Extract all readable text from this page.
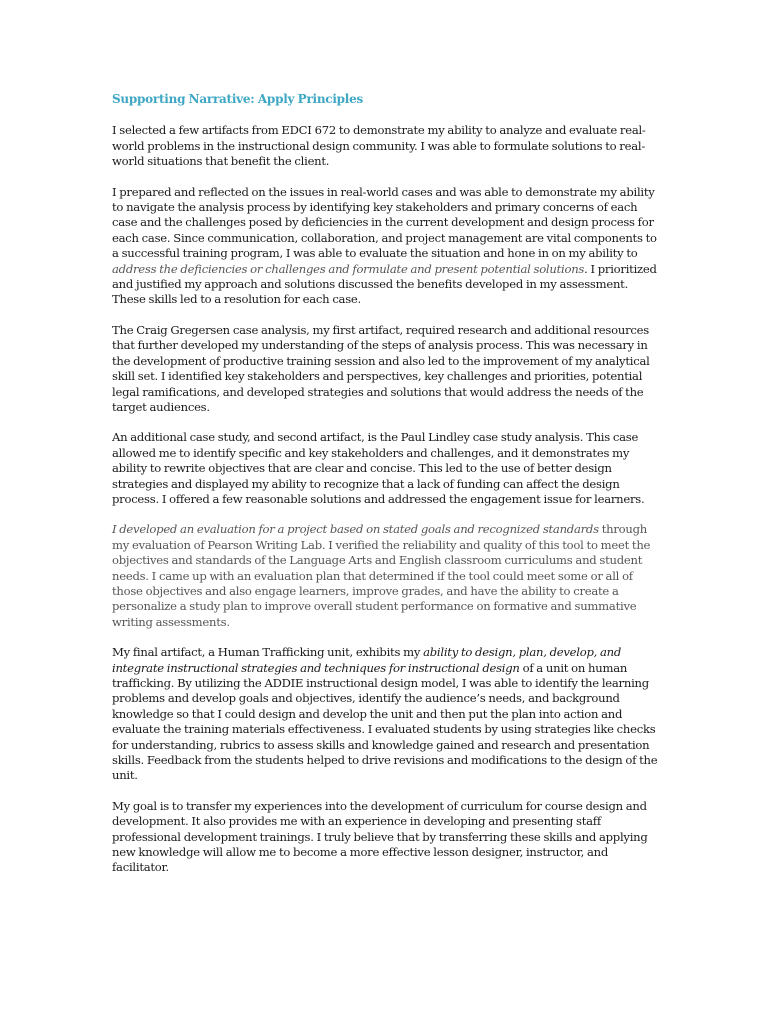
Supporting Narrative: Apply Principles

I selected a few artifacts from EDCI 672 to demonstrate my ability to analyze and evaluate real-world problems in the instructional design community. I was able to formulate solutions to real-world situations that benefit the client.

I prepared and reflected on the issues in real-world cases and was able to demonstrate my ability to navigate the analysis process by identifying key stakeholders and primary concerns of each case and the challenges posed by deficiencies in the current development and design process for each case. Since communication, collaboration, and project management are vital components to a successful training program, I was able to evaluate the situation and hone in on my ability to address the deficiencies or challenges and formulate and present potential solutions. I prioritized and justified my approach and solutions discussed the benefits developed in my assessment. These skills led to a resolution for each case.

The Craig Gregersen case analysis, my first artifact, required research and additional resources that further developed my understanding of the steps of analysis process. This was necessary in the development of productive training session and also led to the improvement of my analytical skill set. I identified key stakeholders and perspectives, key challenges and priorities, potential legal ramifications, and developed strategies and solutions that would address the needs of the target audiences.

An additional case study, and second artifact, is the Paul Lindley case study analysis. This case allowed me to identify specific and key stakeholders and challenges, and it demonstrates my ability to rewrite objectives that are clear and concise. This led to the use of better design strategies and displayed my ability to recognize that a lack of funding can affect the design process. I offered a few reasonable solutions and addressed the engagement issue for learners.

I developed an evaluation for a project based on stated goals and recognized standards through my evaluation of Pearson Writing Lab. I verified the reliability and quality of this tool to meet the objectives and standards of the Language Arts and English classroom curriculums and student needs. I came up with an evaluation plan that determined if the tool could meet some or all of those objectives and also engage learners, improve grades, and have the ability to create a personalize a study plan to improve overall student performance on formative and summative writing assessments.

My final artifact, a Human Trafficking unit, exhibits my ability to design, plan, develop, and integrate instructional strategies and techniques for instructional design of a unit on human trafficking. By utilizing the ADDIE instructional design model, I was able to identify the learning problems and develop goals and objectives, identify the audience’s needs, and background knowledge so that I could design and develop the unit and then put the plan into action and evaluate the training materials effectiveness. I evaluated students by using strategies like checks for understanding, rubrics to assess skills and knowledge gained and research and presentation skills. Feedback from the students helped to drive revisions and modifications to the design of the unit.

My goal is to transfer my experiences into the development of curriculum for course design and development. It also provides me with an experience in developing and presenting staff professional development trainings. I truly believe that by transferring these skills and applying new knowledge will allow me to become a more effective lesson designer, instructor, and facilitator.
